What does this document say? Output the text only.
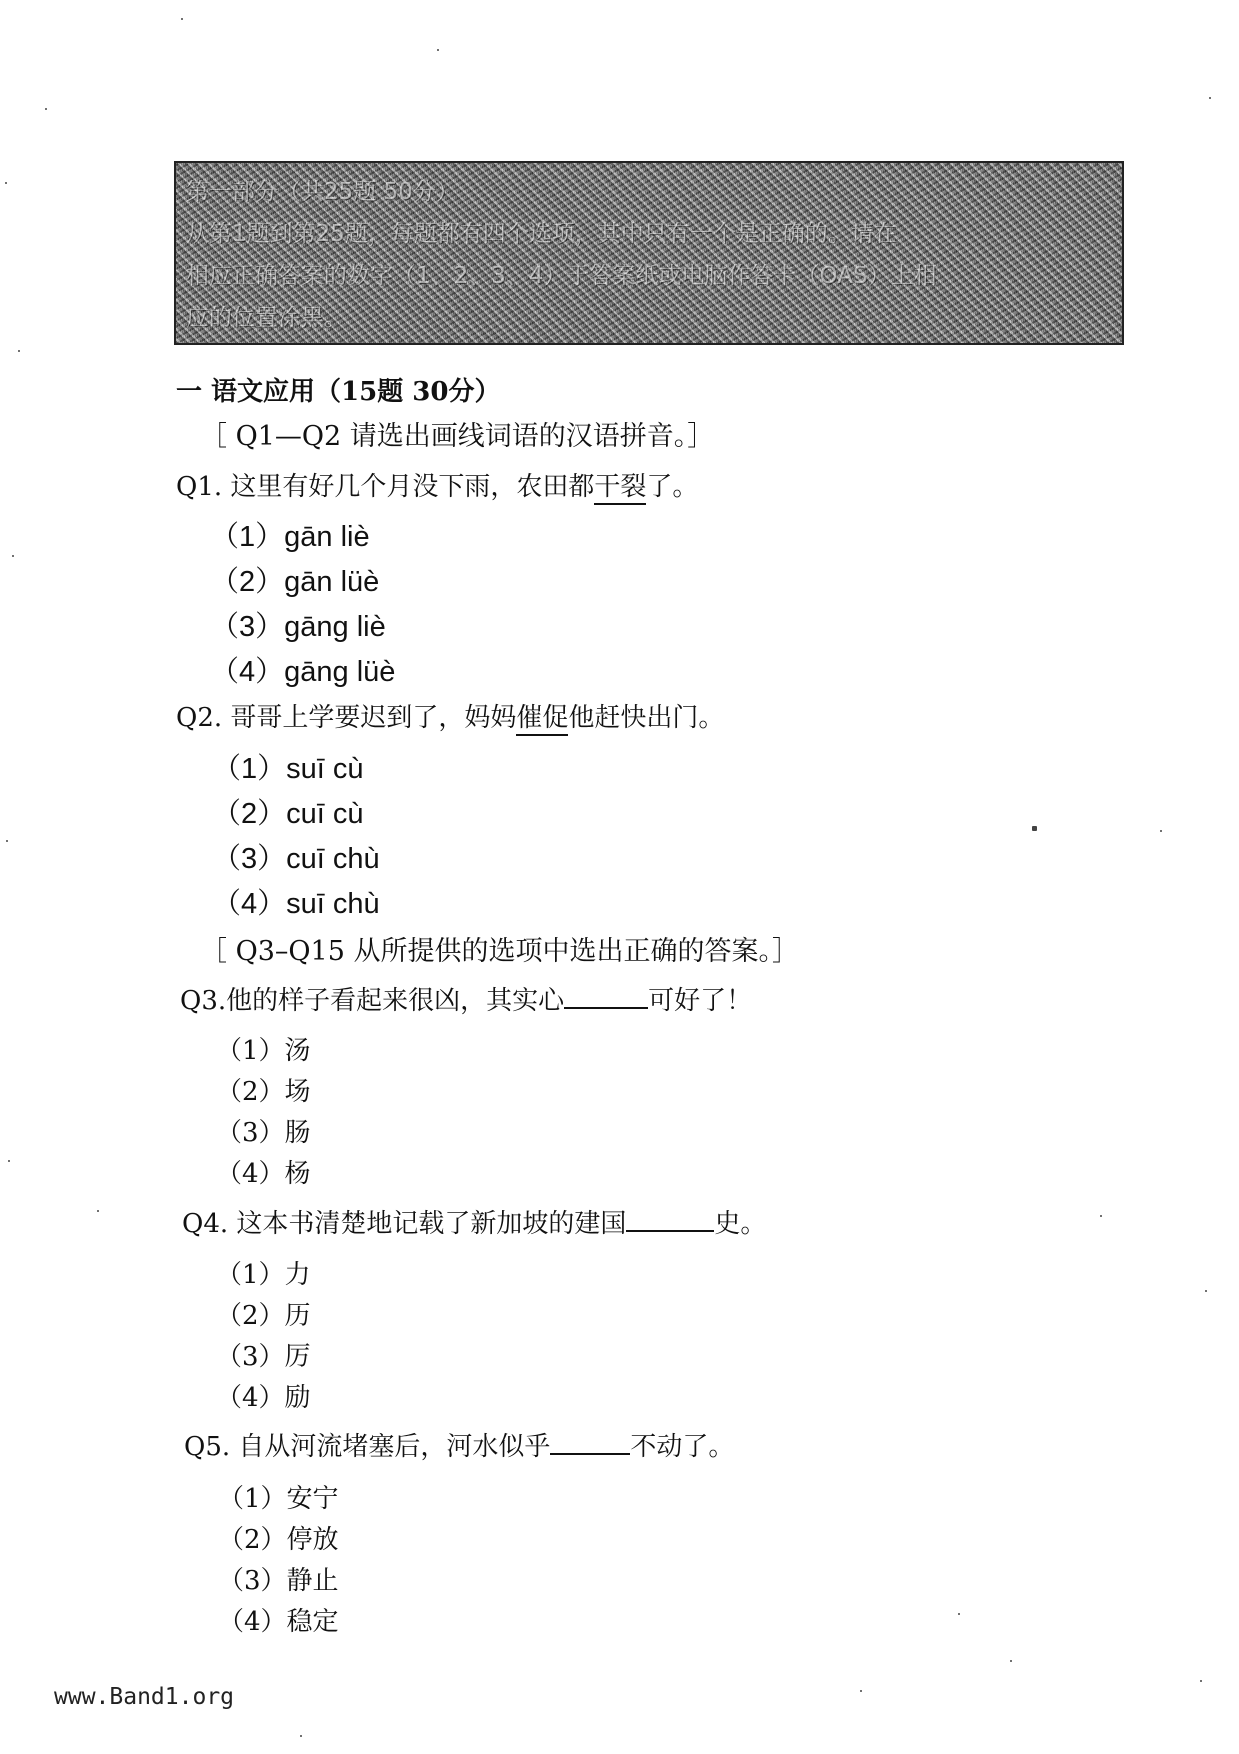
第一部分（共25题 50分）
从第1题到第25题，每题都有四个选项，其中只有一个是正确的。请在
相应正确答案的数字（1、2、3、4）于答案纸或电脑作答卡（OAS）上相
应的位置涂黑。
一 语文应用（15题 30分）
［ Q1—Q2 请选出画线词语的汉语拼音。］
Q1. 这里有好几个月没下雨，农田都干裂了。
（1）gān liè
（2）gān lüè
（3）gāng liè
（4）gāng lüè
Q2. 哥哥上学要迟到了，妈妈催促他赶快出门。
（1）suī cù
（2）cuī cù
（3）cuī chù
（4）suī chù
［ Q3–Q15 从所提供的选项中选出正确的答案。］
Q3.他的样子看起来很凶，其实心	可好了！
（1）汤
（2）场
（3）肠
（4）杨
Q4. 这本书清楚地记载了新加坡的建国	史。
（1）力
（2）历
（3）厉
（4）励
Q5. 自从河流堵塞后，河水似乎	不动了。
（1）安宁
（2）停放
（3）静止
（4）稳定
www.Band1.org
